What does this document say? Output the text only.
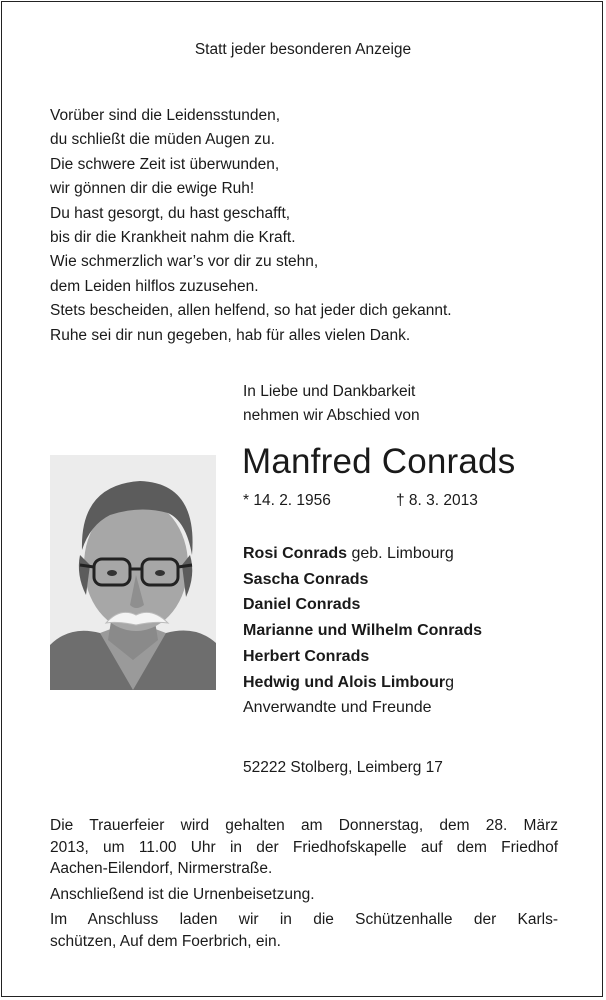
Statt jeder besonderen Anzeige
Vorüber sind die Leidensstunden,
du schließt die müden Augen zu.
Die schwere Zeit ist überwunden,
wir gönnen dir die ewige Ruh!
Du hast gesorgt, du hast geschafft,
bis dir die Krankheit nahm die Kraft.
Wie schmerzlich war’s vor dir zu stehn,
dem Leiden hilflos zuzusehen.
Stets bescheiden, allen helfend, so hat jeder dich gekannt.
Ruhe sei dir nun gegeben, hab für alles vielen Dank.
In Liebe und Dankbarkeit
nehmen wir Abschied von
Manfred Conrads
* 14. 2. 1956	† 8. 3. 2013
Rosi Conrads geb. Limbourg
Sascha Conrads
Daniel Conrads
Marianne und Wilhelm Conrads
Herbert Conrads
Hedwig und Alois Limbourg
Anverwandte und Freunde
52222 Stolberg, Leimberg 17
Die Trauerfeier wird gehalten am Donnerstag, dem 28. März
2013, um 11.00 Uhr in der Friedhofskapelle auf dem Friedhof
Aachen-Eilendorf, Nirmerstraße.
Anschließend ist die Urnenbeisetzung.
Im Anschluss laden wir in die Schützenhalle der Karls-
schützen, Auf dem Foerbrich, ein.
